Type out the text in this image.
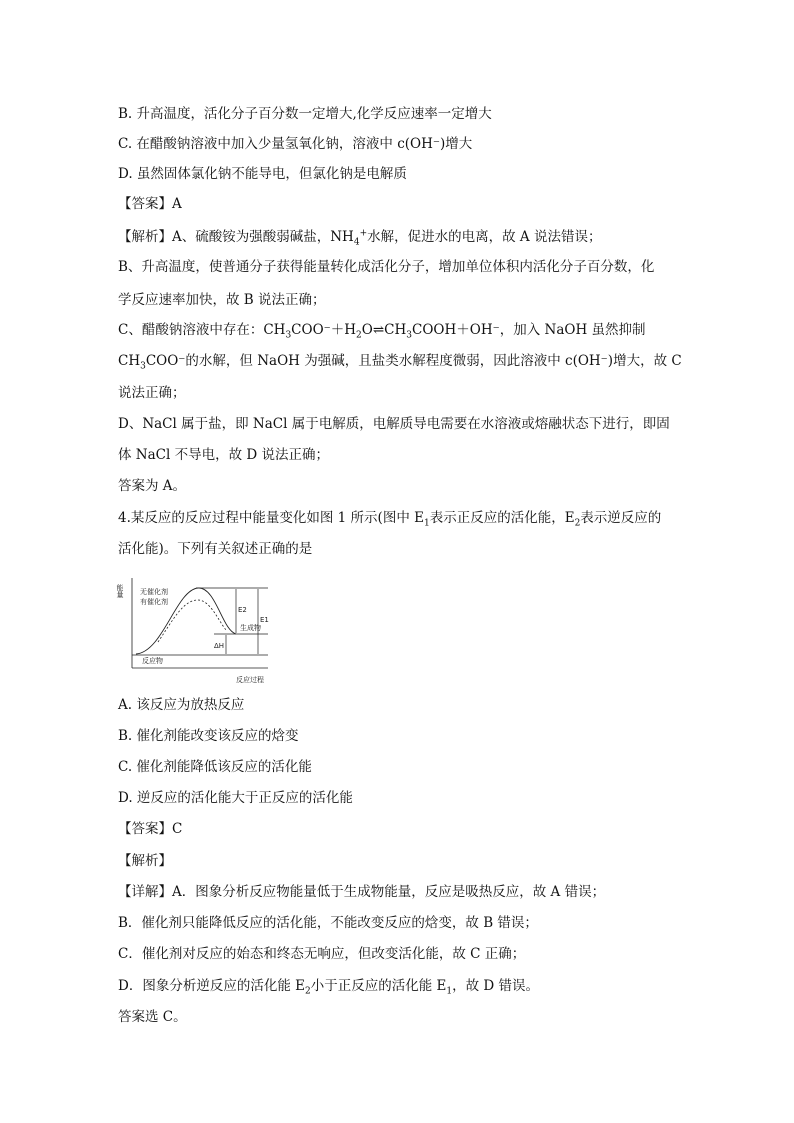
B. 升高温度，活化分子百分数一定增大,化学反应速率一定增大
C. 在醋酸钠溶液中加入少量氢氧化钠，溶液中 c(OH⁻)增大
D. 虽然固体氯化钠不能导电，但氯化钠是电解质
【答案】A
【解析】A、硫酸铵为强酸弱碱盐，$NH_4^+$水解，促进水的电离，故 A 说法错误；
B、升高温度，使普通分子获得能量转化成活化分子，增加单位体积内活化分子百分数，化
学反应速率加快，故 B 说法正确；
C、醋酸钠溶液中存在：$CH_3COO^-+H_2O\rightleftharpoons CH_3COOH+OH^-$，加入 NaOH 虽然抑制
$CH_3COO^-$的水解，但 NaOH 为强碱，且盐类水解程度微弱，因此溶液中 c(OH⁻)增大，故 C
说法正确；
D、NaCl 属于盐，即 NaCl 属于电解质，电解质导电需要在水溶液或熔融状态下进行，即固
体 NaCl 不导电，故 D 说法正确；
答案为 A。
4.某反应的反应过程中能量变化如图 1 所示(图中 $E_1$表示正反应的活化能，$E_2$表示逆反应的
活化能)。下列有关叙述正确的是
能量
反应过程
无催化剂
有催化剂
E2
E1
生成物
ΔH
反应物
A. 该反应为放热反应
B. 催化剂能改变该反应的焓变
C. 催化剂能降低该反应的活化能
D. 逆反应的活化能大于正反应的活化能
【答案】C
【解析】
【详解】A．图象分析反应物能量低于生成物能量，反应是吸热反应，故 A 错误；
B．催化剂只能降低反应的活化能，不能改变反应的焓变，故 B 错误；
C．催化剂对反应的始态和终态无响应，但改变活化能，故 C 正确；
D．图象分析逆反应的活化能 $E_2$小于正反应的活化能 $E_1$，故 D 错误。
答案选 C。
